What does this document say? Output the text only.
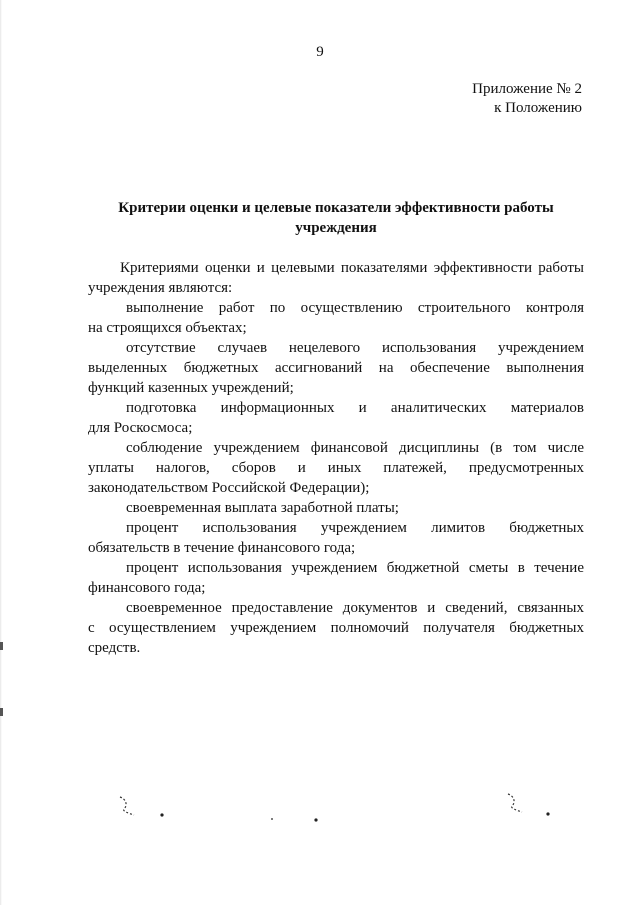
9
Приложение № 2
к Положению
Критерии оценки и целевые показатели эффективности работы
учреждения

Критериями оценки и целевыми показателями эффективности работы
учреждения являются:

выполнение работ по осуществлению строительного контроля
на строящихся объектах;

отсутствие случаев нецелевого использования учреждением
выделенных бюджетных ассигнований на обеспечение выполнения
функций казенных учреждений;

подготовка информационных и аналитических материалов
для Роскосмоса;

соблюдение учреждением финансовой дисциплины (в том числе
уплаты налогов, сборов и иных платежей, предусмотренных
законодательством Российской Федерации);

своевременная выплата заработной платы;

процент использования учреждением лимитов бюджетных
обязательств в течение финансового года;

процент использования учреждением бюджетной сметы в течение
финансового года;

своевременное предоставление документов и сведений, связанных
с осуществлением учреждением полномочий получателя бюджетных
средств.
